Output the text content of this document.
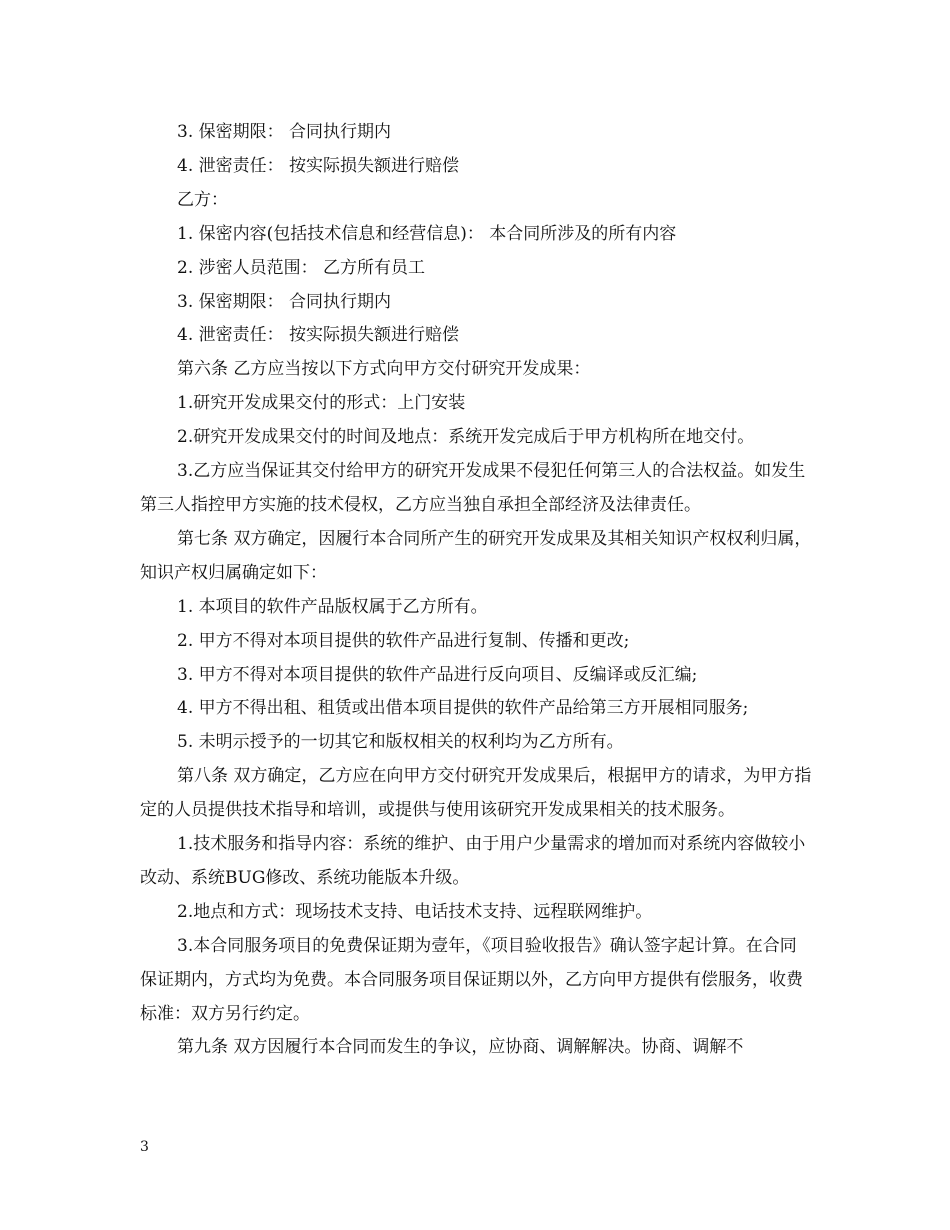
3. 保密期限： 合同执行期内

4. 泄密责任： 按实际损失额进行赔偿

乙方：

1. 保密内容(包括技术信息和经营信息)： 本合同所涉及的所有内容

2. 涉密人员范围： 乙方所有员工

3. 保密期限： 合同执行期内

4. 泄密责任： 按实际损失额进行赔偿

第六条 乙方应当按以下方式向甲方交付研究开发成果：

1.研究开发成果交付的形式：上门安装

2.研究开发成果交付的时间及地点：系统开发完成后于甲方机构所在地交付。

3.乙方应当保证其交付给甲方的研究开发成果不侵犯任何第三人的合法权益。如发生第三人指控甲方实施的技术侵权，乙方应当独自承担全部经济及法律责任。

第七条 双方确定，因履行本合同所产生的研究开发成果及其相关知识产权权利归属，知识产权归属确定如下：

1. 本项目的软件产品版权属于乙方所有。

2. 甲方不得对本项目提供的软件产品进行复制、传播和更改;

3. 甲方不得对本项目提供的软件产品进行反向项目、反编译或反汇编;

4. 甲方不得出租、租赁或出借本项目提供的软件产品给第三方开展相同服务;

5. 未明示授予的一切其它和版权相关的权利均为乙方所有。

第八条 双方确定，乙方应在向甲方交付研究开发成果后，根据甲方的请求，为甲方指定的人员提供技术指导和培训，或提供与使用该研究开发成果相关的技术服务。

1.技术服务和指导内容：系统的维护、由于用户少量需求的增加而对系统内容做较小改动、系统BUG修改、系统功能版本升级。

2.地点和方式：现场技术支持、电话技术支持、远程联网维护。

3.本合同服务项目的免费保证期为壹年，《项目验收报告》确认签字起计算。在合同保证期内，方式均为免费。本合同服务项目保证期以外，乙方向甲方提供有偿服务，收费标准：双方另行约定。

第九条 双方因履行本合同而发生的争议，应协商、调解解决。协商、调解不

3
